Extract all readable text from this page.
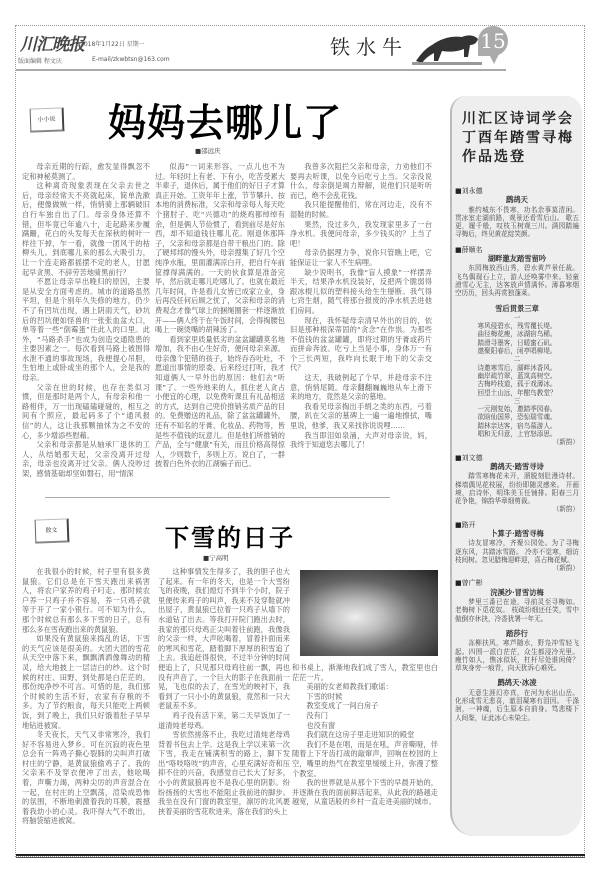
川汇晚报
2018年1月22日 星期一
版面编辑 程文庆	E-mail/zkwbtsn@163.com
铁水牛	15
小小说 妈妈去哪儿了
■邵远庆

母亲近期的行踪，愈发显得飘忽不定和神秘莫测了。

这种离奇现象表现在父亲去世之后，母亲经常天不亮就起床，简单洗漱后，便像做贼一样，悄悄骑上那辆破旧自行车独自出了门。母亲身体还算不错，但毕竟已年逾八十，走起路来步履蹒跚，花白的头发每天在深秋的树叶一样往下掉，乍一看，就像一团风干的枯柳头儿。到底哪儿来的那么大吸引力，让一个连走路都摇摆不定的老人，甘愿起早贪黑、不辞劳苦地骑黑前行？

不愿让母亲早出晚归的原因，主要是从安全方面考虑的。城市的道路虽然平坦，但是个别年久失修的地方，仍少不了有凹坑出现，遇上阴雨天气，砂坑后的凹坑便如怪兽的一张张血盆大口，单等着一些“倒霉蛋”往此人的口里。此外，“马路杀手”也成为创造交通隐患的主要因素之一。每次看到马路上被围得水泄不通的事故现场，我便提心吊胆，生怕地上或卧或坐的那个人，会是我的母亲。

父亲在世的时候，也存在类似习惯，但是那时是两个人，有母亲和他一路相伴，万一出现磕磕碰碰的，相互之间有个照应，最起码多了个“通风报信”的人，这让我那颗抽怵为之不安的心，多少增添些慰藉。

父亲和母亲都是从轴承厂退休的工人，从结婚那天起，父亲没离开过母亲，母亲也没离开过父亲。俩人没吵过架，感情基础却坚如磐石，用“情深

似海”一词来形容，一点儿也不为过。年轻时上有老、下有小，吃苦受累大半辈子，退休后，属于他们的好日子才算真正开始。工资年年上涨，节节攀升。按本地的消费标准，父亲和母亲每人每天吃个猪肘子、吃“兴德功”的烧鸡都绰绰有余，但是俩人节俭惯了，看到前尽是好东西，却不知道钱往哪儿花。刚退休那阵子，父亲和母亲都是自带干粮出门的。除了硬邦邦的馒头外，母亲搜集了好几个空纯净水瓶，里面灌满凉白开，把自行车前筐撑得满满的。一天的伙食算是准备完毕，然后就走哪儿吃哪儿了。也就在最近几年时间，许是看儿女皆已成家立业，身后再没任何后顾之忧了，父亲和母亲的消费观念才像气球上的捆绳圈套一样逐渐放开——俩人终于在午饭时间，会得掏腰包喝上一碗烫嘴的胡辣汤了。

看到家里质量低劣的盆盆罐罐莫名地增加，我不由心生好奇，便问母亲来源。母亲像个犯错的孩子，始终吞吞吐吐，不愿道出事情的原委。后来经过打听，我才知道俩人一早外出的原因：他们去“听课”了。一些外地来的人，抓住老人贪占小便宜的心理，以免费听课且有礼品相送的方式，达到自己兜价推销劣质产品的目的。免费赠送的礼品，除了盆盆罐罐外，还有不知名的牙膏、化妆品、药物等，皆是些不值钱的玩意儿。但是他们所推销的产品，全与“健康”有关，而且价格高得惊人，少则数千，多则上万。说白了，一群披着白色外衣的江湖骗子而已。

我曾多次阻拦父亲和母亲，力劝他们不要再去听课，以免今后吃亏上当。父亲没说什么，母亲倒是竭力辩解，说他们只是听听而已，绝不会乱花钱。

我只能提醒他们，常在河边走，没有不湿鞋的时候。

果然，没过多久，我发现家里多了一台净水机。我便问母亲，多少钱买的？上当了吧！

母亲仍据理力争，说你只管瞧上吧，它能保证让一家人不生病哩。

缺少说明书，我像“盲人摸象”一样摆弄半天，结果净水机没装好，反把两个脆弱得跟冰棍儿似的塑料接头给生生掰断。我气得七窍生烟，随气将那台报废的净水机丢进他们房间。

现在，我怀疑母亲清早外出的目的，依旧是那种根深蒂固的“贪念”在作祟。为那些不值钱的盆盆罐罐，即将过期的牙膏或药片而拼命奔波。吃亏上当是小事，身体万一有个三长两短，我咋向长眠于地下的父亲交代？

这天，我破例起了个早，并趁母亲不注意，悄悄尾随。母亲翻翻巍巍地从车上滑下来的地方，竟然是父亲的墓地。

我看见母亲掏出手绢之类的东西，弓着腰，趴在父亲的墓碑上一遍一遍地擦拭，嘴里说，他爹，我又来找你说说哩……

我当即泪如泉涌，大声对母亲说，妈，我终于知道您去哪儿了！

散文	下雪的日子
■宁高明

在我很小的时候，村子里有很多黄鼠狼。它们总是在下雪天跑出来祸害人，将农户家养的鸡子叼走。那时候农户养一只鸡子并不容易，养一只鸡子就等于开了一家小银行。可不知为什么，那个时候总有那么多下雪的日子，总有那么多在雪夜跑出来的黄鼠狼。

如果没有黄鼠狼来捣乱的话，下雪的天气应该是很美的。大团大团的雪花从天空中落下来，飘飘洒洒像舞动的精灵，给大地披上一层洁白的纱。这个时候的村庄、田野，到处都是白茫茫的，那份纯净纱不可言。可惜的是，我们那个时候的生活不好，农家有存粮的不多。为了节约粮食，每天只能吃上两顿饭，到了晚上，我们只好饿着肚子早早地钻进被窝。

冬天夜长，天气又非常寒冷，我们好不容易进入梦乡。可在沉寂的夜色里总会有一阵鸡子撕心裂肺的尖叫声打破村庄的宁静，是黄鼠狼偷鸡子了。我的父亲来不及穿衣便冲了出去，他吆喝着，声嘶力竭，两种尖厉的声音混合在一起，在村庄的上空飘荡，渲染成恐怖的氛围，不断地刺激着我的耳膜，震撼着我幼小的心灵。我吓得大气不敢出，将脑袋缩进被窝。

这种事情发生得多了，我的胆子也大了起来。有一年的冬天，也是一个大雪纷飞的夜晚，我们熄灯不到半个小时，院子里便传来鸡子的叫声，我来不及穿鞋就冲出屋子，黄鼠狼已拉着一只鸡子从墙下的水道钻了出去。等我打开院门跑出去时，我家的那只母鸡正尖叫着往前跑，我像我的父亲一样，大声吆喝着，冒着扑面而来的寒风和雪花，踏着脚下厚厚的积雪追了上去。我追赶得很快，不过半分钟的时间便追上了，只见那只母鸡往前一飘，再也没有声音了，一个巨大的影子在我面前一晃，飞也似的去了，在雪光的映衬下，我看到了一只小小的黄鼠狼，竟然和一只大老鼠差不多。

鸡子没有活下来，第二天早饭加了一道清炖老母鸡。

雪依然搓落不止，我吃过清炖老母鸡背着书包去上学。这是我上学以来第一次下雪，我走在铺满积雪的路上，脚下发出“咯吱咯吱”的声音，心里充满好奇和压抑不住的兴奋，我感觉自己长大了好多，小小的黄鼠狼再也不是我心里的阴影。纷纷扬扬的大雪也不能阻止我前进的脚步。我坐在没有门窗的教室里，凛厉的北风裹挟着美丽的雪花吹进来，落在我们的头上

和书桌上，渐渐地我们成了雪人，教室里也白茫茫一片。

美丽的女老师教我们歌谣：

下雪的时候

教室变成了一间白房子

没有门

也没有窗

我们就在这房子里走进知识的殿堂

我们不是在唱，而是在吼，声音嘶哑，伴随着上下牙齿打战的敲窜声，回响在校园的上空，嘴里的热气在教室里缓缓上升，弥漫了整个教室。

我的世界就是从那个下雪的早晨开始的，并逐渐在我的面前鲜活起来，从此我的路越走越宽，从童话般的乡村一直走进美丽的城市。

川汇区诗词学会丁酉年踏雪寻梅作品选登
■刘永德
鹧鸪天
雅约城东不畏寒，功名余事莫清闲。贯冰室走湖前路，观景还看雪后山。 歌五更，履千般，叹枝玉树观三川。满园踏遍寻梅后，终见黄花绽笑颜。
■薛顺名
湖畔邀友踏雪留吟
东园梅放西山秀，碧水黄芦景任裁。飞鸟偶现石上立，游人还唤雾中来。轻童滑雪心无主，达客放声情满怀。薄暮寒烟空历历，回头再赏独蓬莱。
雪后贯景三章
一
寒风侵碧水，残雪覆长堤。
曲径梅花瘦，冰湖宿鸟稀。
踏滑寻墨客，日暖蜜石矶。
邀聚阳春后，闲亭唱柳堤。
二
诗邀寒雪后，湖畔沐香风。
幽岸疏竹翠，蓝岚高树空。
古梅吟枝道，孤于戏薄冰。
回望土山远，年酣鸟教堂？
三
一元刚复始，邀踏季园春。
欲晗仙国界，恐惊瑞雪魂。
踏林亲达客，宿鸟慕游人。
唱和无归意，上官怒添思。
（新韵）
■刘文德
鹧鸪天·踏雪寻诗
踏雪寒梅花未开，溜脱刻肚漫诗材。梯墙偶见花枝展，纷纷即随灵感来。 开画境，启诗怀，明珠美玉任铺排。阳春三月花争艳，锦韵华章细剪裁。
（新韵）
■路开
卜算子·踏雪寻梅
诗友冒寒冷，齐聚公园处。为了寻梅逐东风，共踏冰雪路。 冷亦不觉寒，细访枝间树。忽见腊梅迎畔迎，喜占梅花赋。
（新韵）
■曾广彬
浣溪沙·冒雪访梅
梦里三番已在途，寻前灵至寻梅如。老梅树下觅花奴。 枝疏纷细还任笑，雪中傲倒亦休抉，冷香犹署一年无。
踏莎行
冻柳扶风，寒芦随水，野凫冲雪轻飞起。四围一派白茫茫，众生都浸冷光里。 瘦竹如人，憔冰似妖，杠杆尽处谁闲倚？草灰身旁一痕青，向天犹诉心难死。
鹧鸪天·冰凌
无意生涯幻亦真，在河为水出山岳。化形成雪无悲喜，澈泪凝寒有泪因。 千涤洄，一神魂，后生原本自前身。笃悲楼下人间鉴，证此冰心未染尘。
